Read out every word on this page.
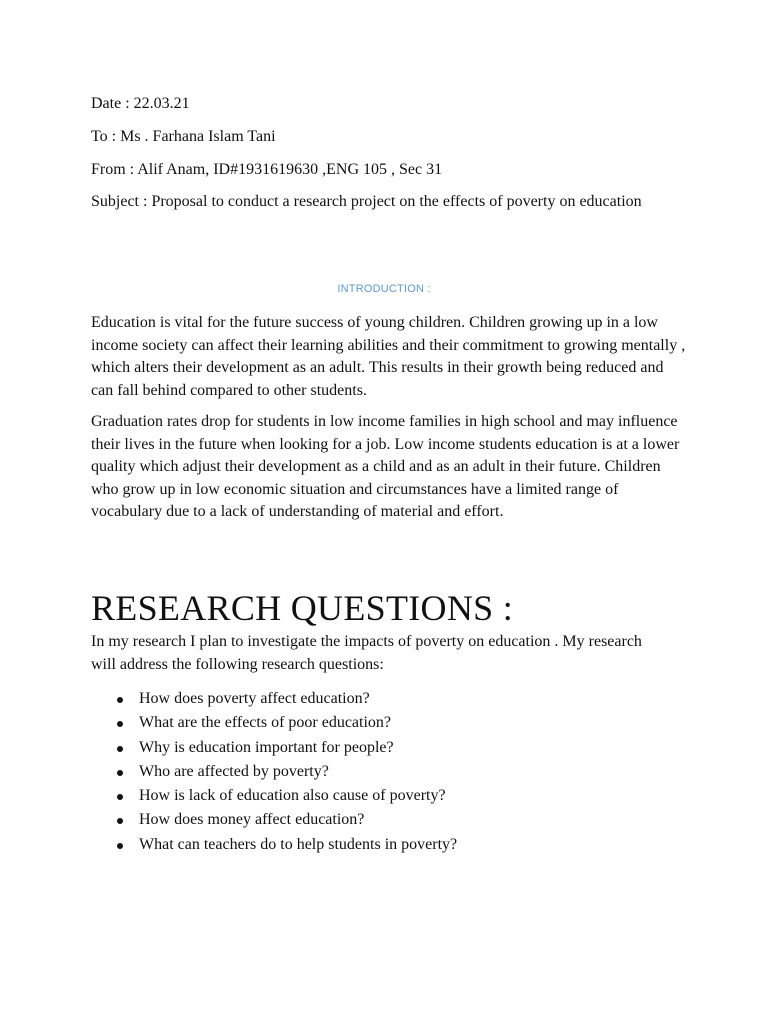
Date : 22.03.21
To : Ms . Farhana Islam Tani
From : Alif Anam, ID#1931619630 ,ENG 105 , Sec 31
Subject : Proposal to conduct a research project on the effects of poverty on education
INTRODUCTION :

Education is vital for the future success of young children. Children growing up in a low income society can affect their learning abilities and their commitment to growing mentally , which alters their development as an adult. This results in their growth being reduced and can fall behind compared to other students.

Graduation rates drop for students in low income families in high school and may influence their lives in the future when looking for a job. Low income students education is at a lower quality which adjust their development as a child and as an adult in their future. Children who grow up in low economic situation and circumstances have a limited range of vocabulary due to a lack of understanding of material and effort.

RESEARCH QUESTIONS :
In my research I plan to investigate the impacts of poverty on education . My research will address the following research questions:
How does poverty affect education?
What are the effects of poor education?
Why is education important for people?
Who are affected by poverty?
How is lack of education also cause of poverty?
How does money affect education?
What can teachers do to help students in poverty?
